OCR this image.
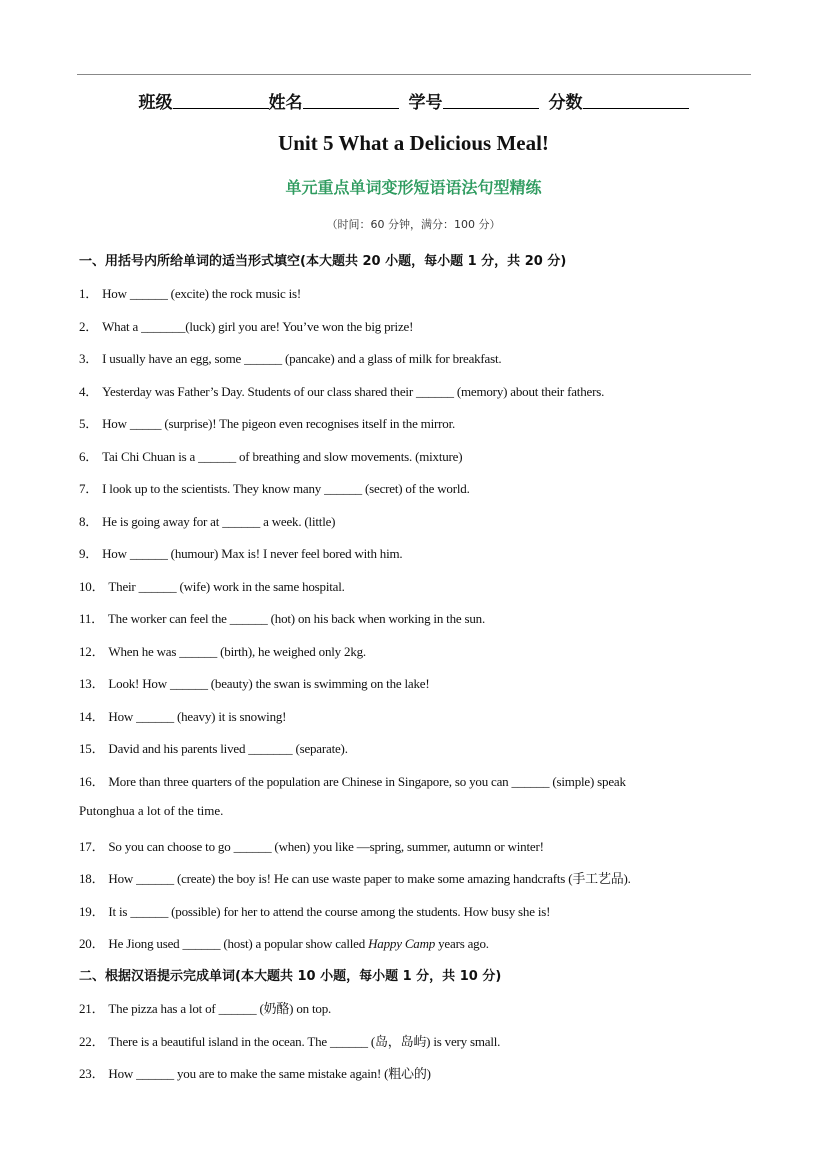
班级	姓名	学号	分数
Unit 5 What a Delicious Meal!
单元重点单词变形短语语法句型精练
（时间：60 分钟，满分：100 分）
一、用括号内所给单词的适当形式填空(本大题共 20 小题，每小题 1 分，共 20 分)
1． How ______ (excite) the rock music is!
2． What a _______(luck) girl you are! You’ve won the big prize!
3． I usually have an egg, some ______ (pancake) and a glass of milk for breakfast.
4． Yesterday was Father’s Day. Students of our class shared their ______ (memory) about their fathers.
5． How _____ (surprise)! The pigeon even recognises itself in the mirror.
6． Tai Chi Chuan is a ______ of breathing and slow movements. (mixture)
7． I look up to the scientists. They know many ______ (secret) of the world.
8． He is going away for at ______ a week. (little)
9． How ______ (humour) Max is! I never feel bored with him.
10． Their ______ (wife) work in the same hospital.
11． The worker can feel the ______ (hot) on his back when working in the sun.
12． When he was ______ (birth), he weighed only 2kg.
13． Look! How ______ (beauty) the swan is swimming on the lake!
14． How ______ (heavy) it is snowing!
15． David and his parents lived _______ (separate).
16． More than three quarters of the population are Chinese in Singapore, so you can ______ (simple) speak
Putonghua a lot of the time.
17． So you can choose to go ______ (when) you like —spring, summer, autumn or winter!
18． How ______ (create) the boy is! He can use waste paper to make some amazing handcrafts (手工艺品).
19． It is ______ (possible) for her to attend the course among the students. How busy she is!
20． He Jiong used ______ (host) a popular show called Happy Camp years ago.
二、根据汉语提示完成单词(本大题共 10 小题，每小题 1 分，共 10 分)
21． The pizza has a lot of ______ (奶酪) on top.
22． There is a beautiful island in the ocean. The ______ (岛，岛屿) is very small.
23． How ______ you are to make the same mistake again! (粗心的)
